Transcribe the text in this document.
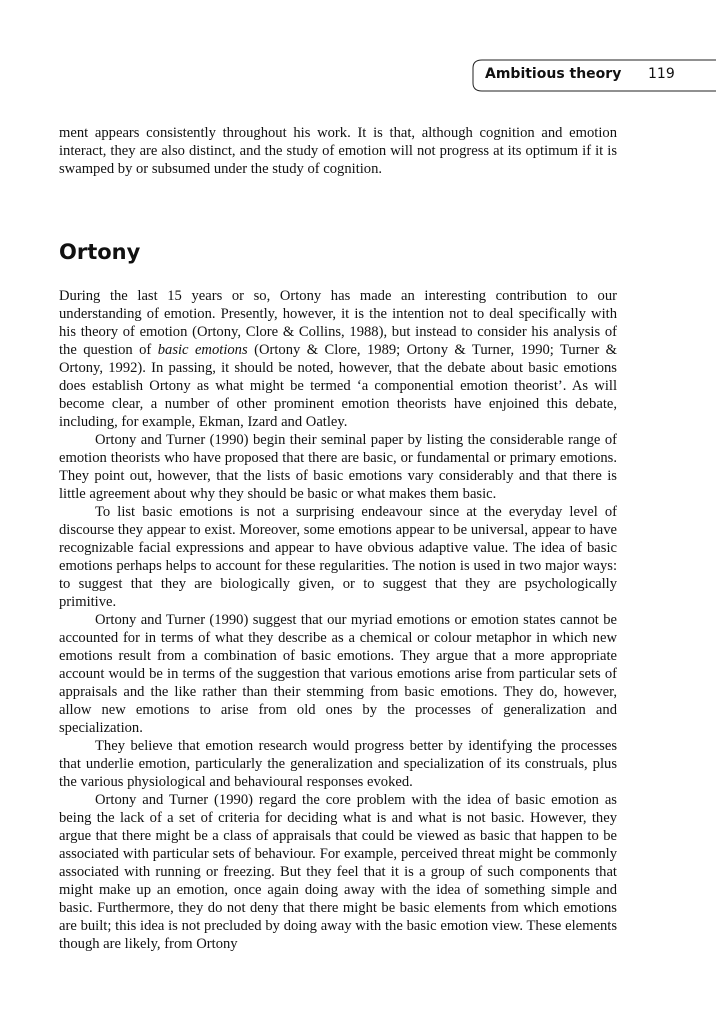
Ambitious theory 119

ment appears consistently throughout his work. It is that, although cognition and emotion interact, they are also distinct, and the study of emotion will not progress at its optimum if it is swamped by or subsumed under the study of cognition.

Ortony

During the last 15 years or so, Ortony has made an interesting contribution to our understanding of emotion. Presently, however, it is the intention not to deal specifically with his theory of emotion (Ortony, Clore & Collins, 1988), but instead to consider his analysis of the question of basic emotions (Ortony & Clore, 1989; Ortony & Turner, 1990; Turner & Ortony, 1992). In passing, it should be noted, however, that the debate about basic emotions does establish Ortony as what might be termed ‘a componential emotion theorist’. As will become clear, a number of other prominent emotion theorists have enjoined this debate, including, for example, Ekman, Izard and Oatley.

Ortony and Turner (1990) begin their seminal paper by listing the considerable range of emotion theorists who have proposed that there are basic, or fundamental or primary emotions. They point out, however, that the lists of basic emotions vary considerably and that there is little agreement about why they should be basic or what makes them basic.

To list basic emotions is not a surprising endeavour since at the everyday level of discourse they appear to exist. Moreover, some emotions appear to be universal, appear to have recognizable facial expressions and appear to have obvious adaptive value. The idea of basic emotions perhaps helps to account for these regularities. The notion is used in two major ways: to suggest that they are biologically given, or to suggest that they are psychologically primitive.

Ortony and Turner (1990) suggest that our myriad emotions or emotion states cannot be accounted for in terms of what they describe as a chemical or colour metaphor in which new emotions result from a combination of basic emotions. They argue that a more appropriate account would be in terms of the suggestion that various emotions arise from particular sets of appraisals and the like rather than their stemming from basic emotions. They do, however, allow new emotions to arise from old ones by the processes of generalization and specialization.

They believe that emotion research would progress better by identifying the processes that underlie emotion, particularly the generalization and specialization of its construals, plus the various physiological and behavioural responses evoked.

Ortony and Turner (1990) regard the core problem with the idea of basic emotion as being the lack of a set of criteria for deciding what is and what is not basic. However, they argue that there might be a class of appraisals that could be viewed as basic that happen to be associated with particular sets of behaviour. For example, perceived threat might be commonly associated with running or freezing. But they feel that it is a group of such components that might make up an emotion, once again doing away with the idea of something simple and basic. Furthermore, they do not deny that there might be basic elements from which emotions are built; this idea is not precluded by doing away with the basic emotion view. These elements though are likely, from Ortony
